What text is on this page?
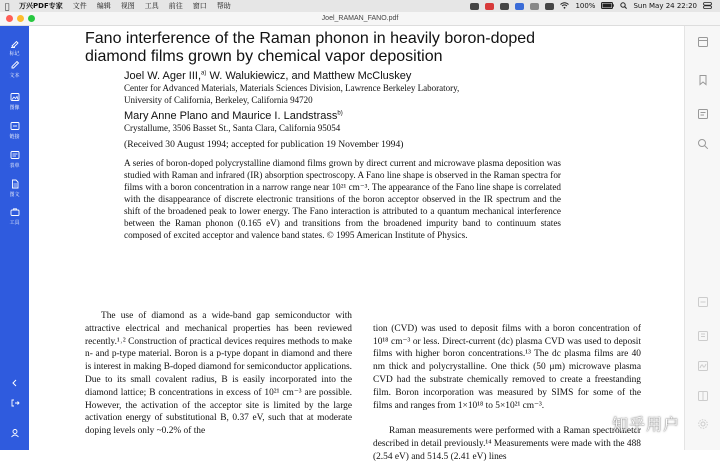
万兴PDF专家	文件	编辑	视图	工具	前往	窗口	帮助	100%	Sun May 24 22:20
Joel_RAMAN_FANO.pdf
标记
文本
图像
链接
表单
图文
工具
Fano interference of the Raman phonon in heavily boron-doped diamond films grown by chemical vapor deposition
Joel W. Ager III,$^{a)}$ W. Walukiewicz, and Matthew McCluskey
Center for Advanced Materials, Materials Sciences Division, Lawrence Berkeley Laboratory,
University of California, Berkeley, California 94720
Mary Anne Plano and Maurice I. Landstrass$^{b)}$
Crystallume, 3506 Basset St., Santa Clara, California 95054
(Received 30 August 1994; accepted for publication 19 November 1994)
A series of boron-doped polycrystalline diamond films grown by direct current and microwave plasma deposition was studied with Raman and infrared (IR) absorption spectroscopy. A Fano line shape is observed in the Raman spectra for films with a boron concentration in a narrow range near 10²¹ cm⁻³. The appearance of the Fano line shape is correlated with the disappearance of discrete electronic transitions of the boron acceptor observed in the IR spectrum and the shift of the broadened peak to lower energy. The Fano interaction is attributed to a quantum mechanical interference between the Raman phonon (0.165 eV) and transitions from the broadened impurity band to continuum states composed of excited acceptor and valence band states. © 1995 American Institute of Physics.
The use of diamond as a wide-band gap semiconductor with attractive electrical and mechanical properties has been reviewed recently.¹˒² Construction of practical devices requires methods to make n- and p-type material. Boron is a p-type dopant in diamond and there is interest in making B-doped diamond for semiconductor applications. Due to its small covalent radius, B is easily incorporated into the diamond lattice; B concentrations in excess of 10²¹ cm⁻³ are possible. However, the activation of the acceptor site is limited by the large activation energy of substitutional B, 0.37 eV, such that at moderate doping levels only ~0.2% of the

tion (CVD) was used to deposit films with a boron concentration of 10¹⁸ cm⁻³ or less. Direct-current (dc) plasma CVD was used to deposit films with higher boron concentrations.¹³ The dc plasma films are 40 nm thick and polycrystalline. One thick (50 μm) microwave plasma CVD had the substrate chemically removed to create a freestanding film. Boron incorporation was measured by SIMS for some of the films and ranges from 1×10¹⁸ to 5×10²¹ cm⁻³.

Raman measurements were performed with a Raman spectrometer described in detail previously.¹⁴ Measurements were made with the 488 (2.54 eV) and 514.5 (2.41 eV) lines

知乎用户
